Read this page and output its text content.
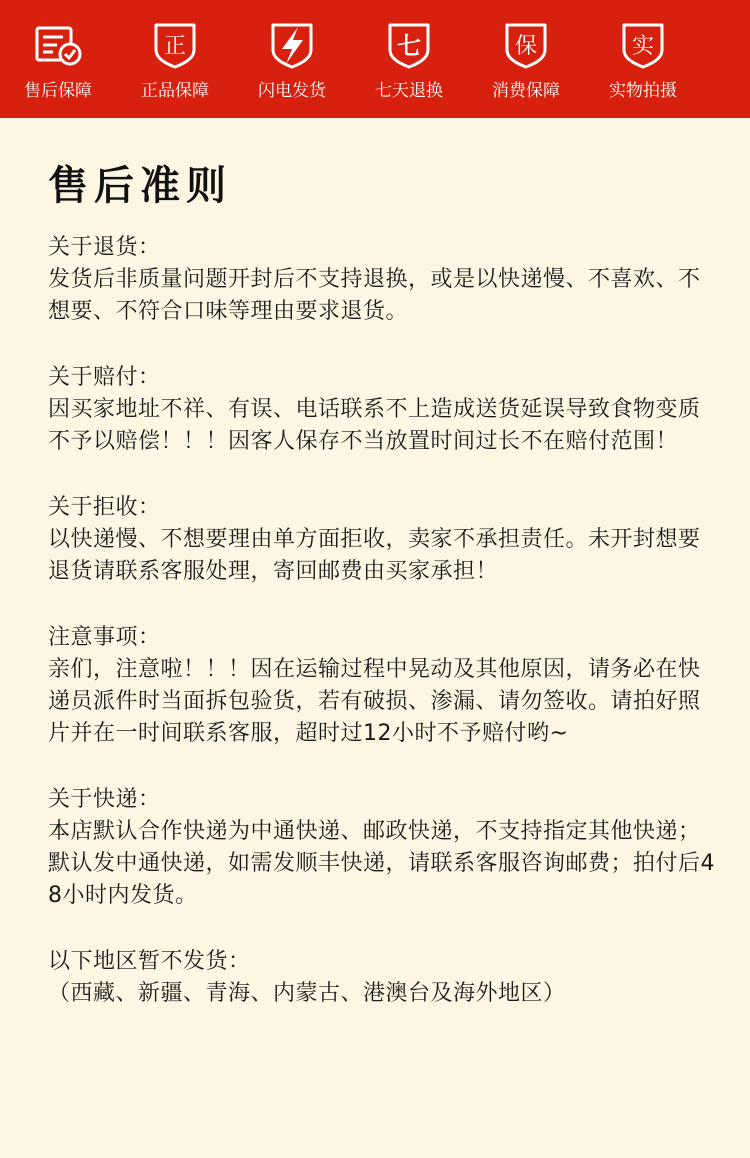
售后保障
正
正品保障	闪电发货
七
七天退换
保
消费保障
实
实物拍摄
售后准则
关于退货：
发货后非质量问题开封后不支持退换，或是以快递慢、不喜欢、不想要、不符合口味等理由要求退货。
关于赔付：
因买家地址不祥、有误、电话联系不上造成送货延误导致食物变质不予以赔偿！！！因客人保存不当放置时间过长不在赔付范围！
关于拒收：
以快递慢、不想要理由单方面拒收，卖家不承担责任。未开封想要退货请联系客服处理，寄回邮费由买家承担！
注意事项：
亲们，注意啦！！！因在运输过程中晃动及其他原因，请务必在快递员派件时当面拆包验货，若有破损、渗漏、请勿签收。请拍好照片并在一时间联系客服，超时过12小时不予赔付哟~
关于快递：
本店默认合作快递为中通快递、邮政快递，不支持指定其他快递；默认发中通快递，如需发顺丰快递，请联系客服咨询邮费；拍付后48小时内发货。
以下地区暂不发货：
（西藏、新疆、青海、内蒙古、港澳台及海外地区）
